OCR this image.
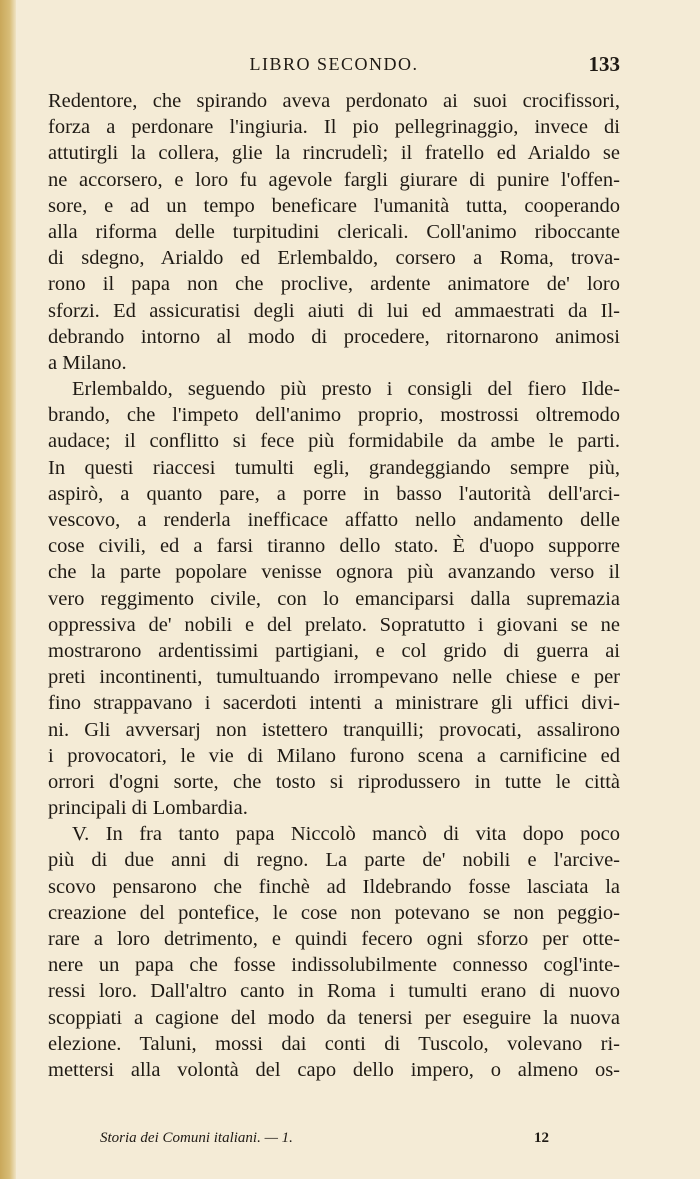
LIBRO SECONDO.	133
Redentore, che spirando aveva perdonato ai suoi crocifissori,
forza a perdonare l'ingiuria. Il pio pellegrinaggio, invece di
attutirgli la collera, glie la rincrudelì; il fratello ed Arialdo se
ne accorsero, e loro fu agevole fargli giurare di punire l'offen-
sore, e ad un tempo beneficare l'umanità tutta, cooperando
alla riforma delle turpitudini clericali. Coll'animo riboccante
di sdegno, Arialdo ed Erlembaldo, corsero a Roma, trova-
rono il papa non che proclive, ardente animatore de' loro
sforzi. Ed assicuratisi degli aiuti di lui ed ammaestrati da Il-
debrando intorno al modo di procedere, ritornarono animosi
a Milano.
Erlembaldo, seguendo più presto i consigli del fiero Ilde-
brando, che l'impeto dell'animo proprio, mostrossi oltremodo
audace; il conflitto si fece più formidabile da ambe le parti.
In questi riaccesi tumulti egli, grandeggiando sempre più,
aspirò, a quanto pare, a porre in basso l'autorità dell'arci-
vescovo, a renderla inefficace affatto nello andamento delle
cose civili, ed a farsi tiranno dello stato. È d'uopo supporre
che la parte popolare venisse ognora più avanzando verso il
vero reggimento civile, con lo emanciparsi dalla supremazia
oppressiva de' nobili e del prelato. Sopratutto i giovani se ne
mostrarono ardentissimi partigiani, e col grido di guerra ai
preti incontinenti, tumultuando irrompevano nelle chiese e per
fino strappavano i sacerdoti intenti a ministrare gli uffici divi-
ni. Gli avversarj non istettero tranquilli; provocati, assalirono
i provocatori, le vie di Milano furono scena a carnificine ed
orrori d'ogni sorte, che tosto si riprodussero in tutte le città
principali di Lombardia.
V. In fra tanto papa Niccolò mancò di vita dopo poco
più di due anni di regno. La parte de' nobili e l'arcive-
scovo pensarono che finchè ad Ildebrando fosse lasciata la
creazione del pontefice, le cose non potevano se non peggio-
rare a loro detrimento, e quindi fecero ogni sforzo per otte-
nere un papa che fosse indissolubilmente connesso cogl'inte-
ressi loro. Dall'altro canto in Roma i tumulti erano di nuovo
scoppiati a cagione del modo da tenersi per eseguire la nuova
elezione. Taluni, mossi dai conti di Tuscolo, volevano ri-
mettersi alla volontà del capo dello impero, o almeno os-
Storia dei Comuni italiani. — 1.	12
